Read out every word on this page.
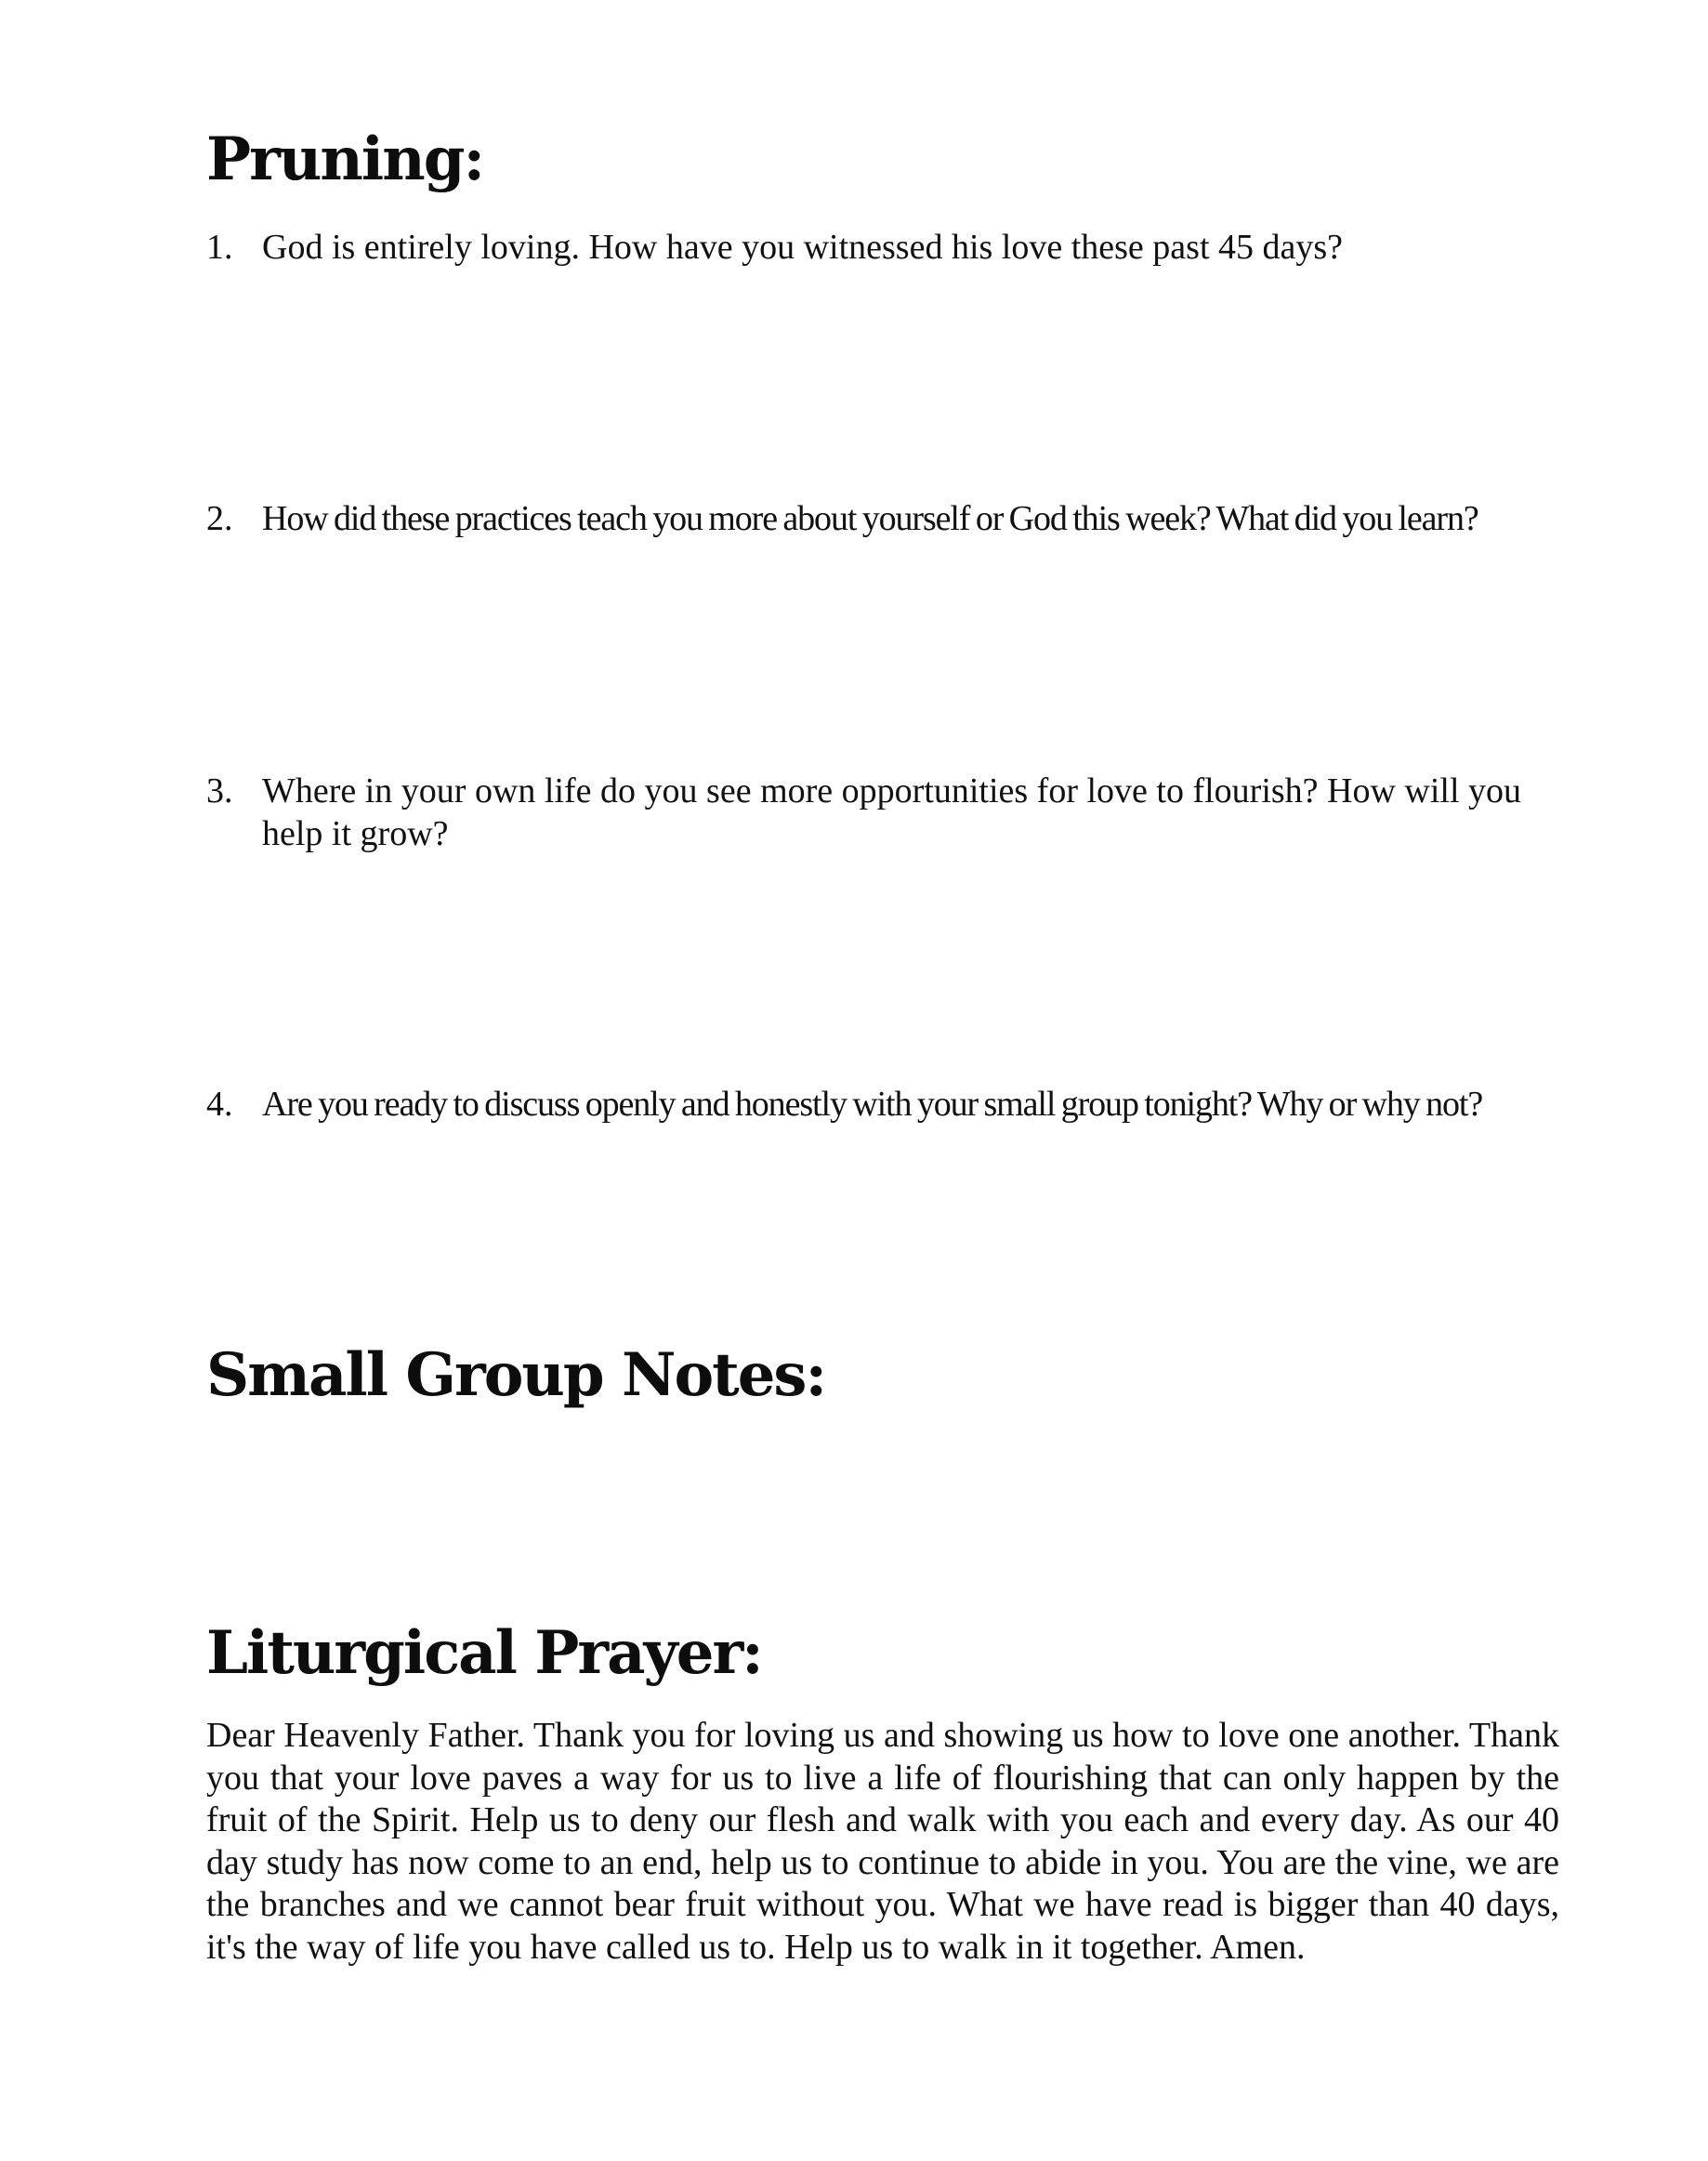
Pruning:
1. God is entirely loving. How have you witnessed his love these past 45 days?
2. How did these practices teach you more about yourself or God this week? What did you learn?
3. Where in your own life do you see more opportunities for love to flourish? How will you help it grow?
4. Are you ready to discuss openly and honestly with your small group tonight? Why or why not?
Small Group Notes:
Liturgical Prayer:

Dear Heavenly Father. Thank you for loving us and showing us how to love one another. Thank you that your love paves a way for us to live a life of flourishing that can only happen by the fruit of the Spirit. Help us to deny our flesh and walk with you each and every day. As our 40 day study has now come to an end, help us to continue to abide in you. You are the vine, we are the branches and we cannot bear fruit without you. What we have read is bigger than 40 days, it's the way of life you have called us to. Help us to walk in it together. Amen.
